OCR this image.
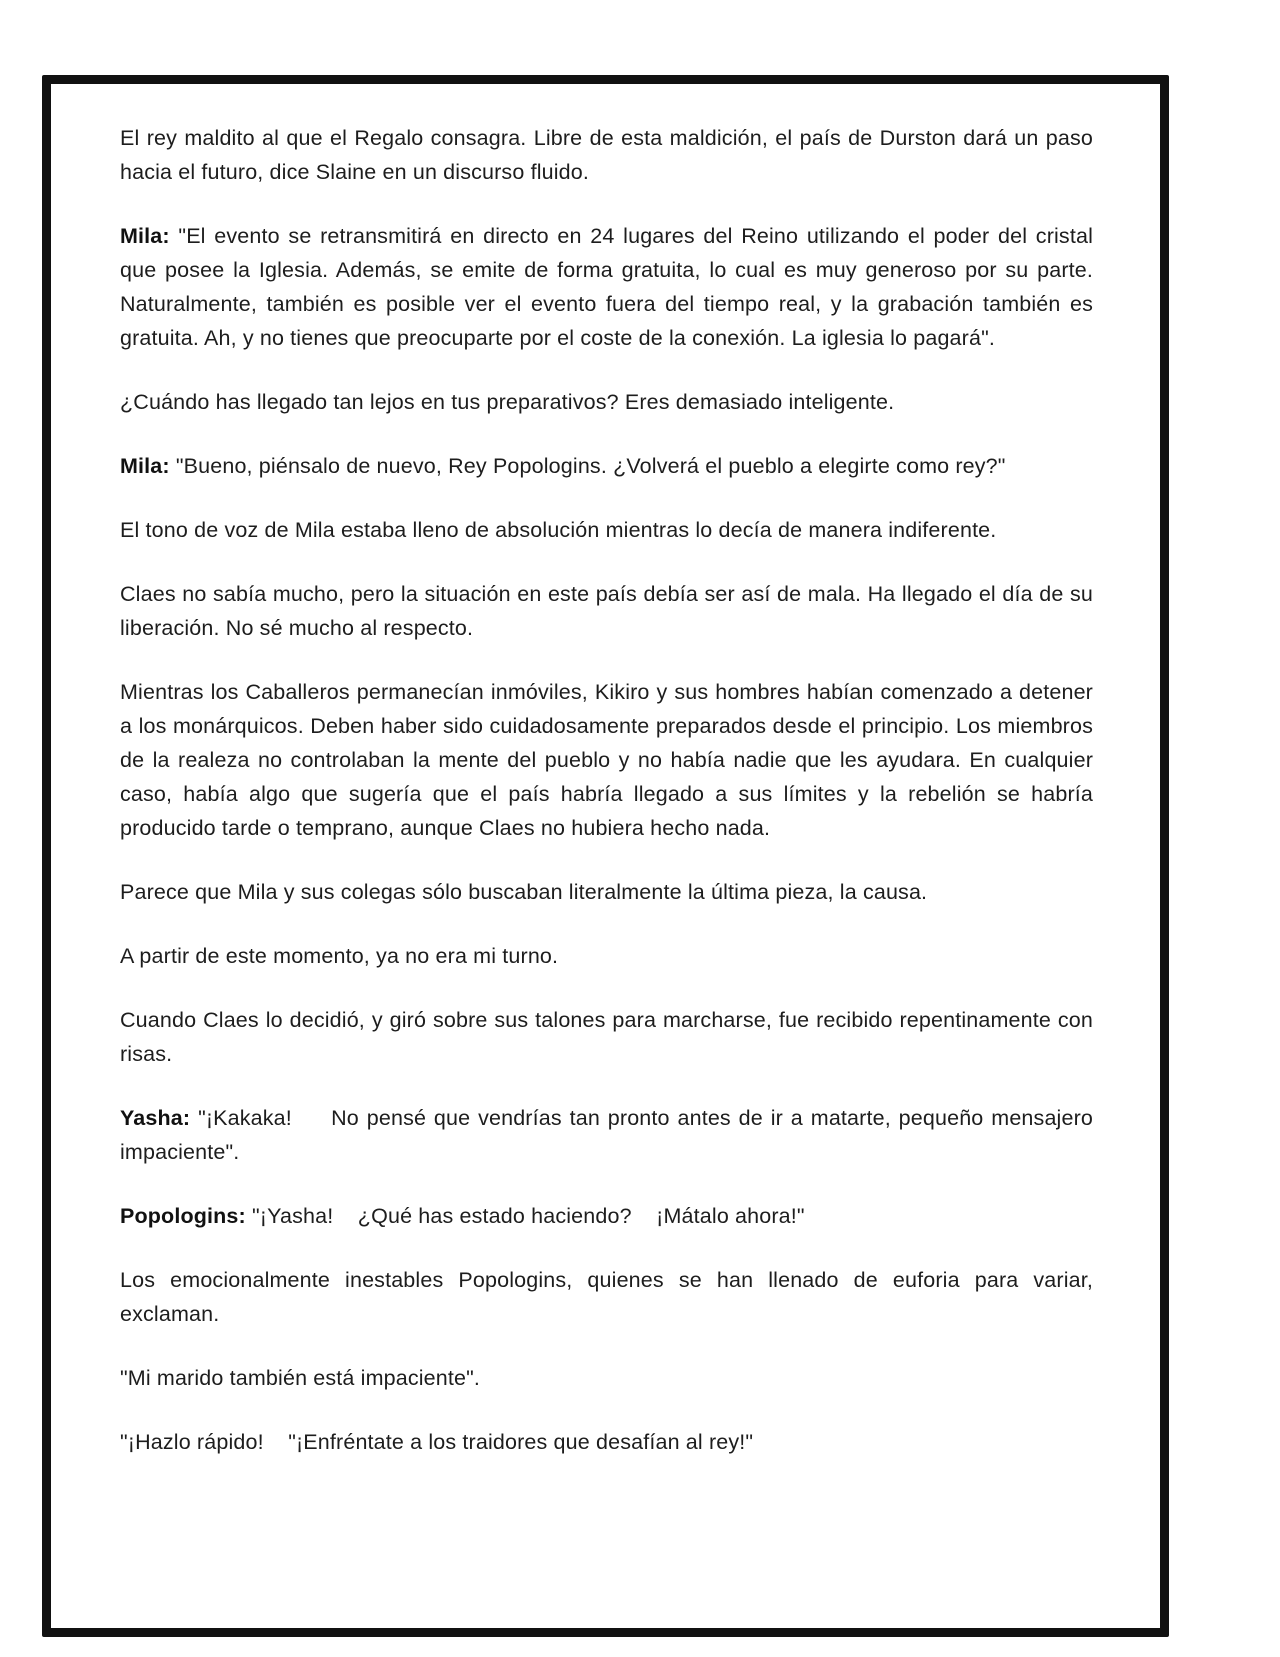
El rey maldito al que el Regalo consagra. Libre de esta maldición, el país de Durston dará un paso hacia el futuro, dice Slaine en un discurso fluido.

Mila: "El evento se retransmitirá en directo en 24 lugares del Reino utilizando el poder del cristal que posee la Iglesia. Además, se emite de forma gratuita, lo cual es muy generoso por su parte. Naturalmente, también es posible ver el evento fuera del tiempo real, y la grabación también es gratuita. Ah, y no tienes que preocuparte por el coste de la conexión. La iglesia lo pagará".

¿Cuándo has llegado tan lejos en tus preparativos? Eres demasiado inteligente.

Mila: "Bueno, piénsalo de nuevo, Rey Popologins. ¿Volverá el pueblo a elegirte como rey?"

El tono de voz de Mila estaba lleno de absolución mientras lo decía de manera indiferente.

Claes no sabía mucho, pero la situación en este país debía ser así de mala. Ha llegado el día de su liberación. No sé mucho al respecto.

Mientras los Caballeros permanecían inmóviles, Kikiro y sus hombres habían comenzado a detener a los monárquicos. Deben haber sido cuidadosamente preparados desde el principio. Los miembros de la realeza no controlaban la mente del pueblo y no había nadie que les ayudara. En cualquier caso, había algo que sugería que el país habría llegado a sus límites y la rebelión se habría producido tarde o temprano, aunque Claes no hubiera hecho nada.

Parece que Mila y sus colegas sólo buscaban literalmente la última pieza, la causa.

A partir de este momento, ya no era mi turno.

Cuando Claes lo decidió, y giró sobre sus talones para marcharse, fue recibido repentinamente con risas.

Yasha: "¡Kakaka!     No pensé que vendrías tan pronto antes de ir a matarte, pequeño mensajero impaciente".

Popologins: "¡Yasha!    ¿Qué has estado haciendo?    ¡Mátalo ahora!"

Los emocionalmente inestables Popologins, quienes se han llenado de euforia para variar, exclaman.

"Mi marido también está impaciente".

"¡Hazlo rápido!    "¡Enfréntate a los traidores que desafían al rey!"
